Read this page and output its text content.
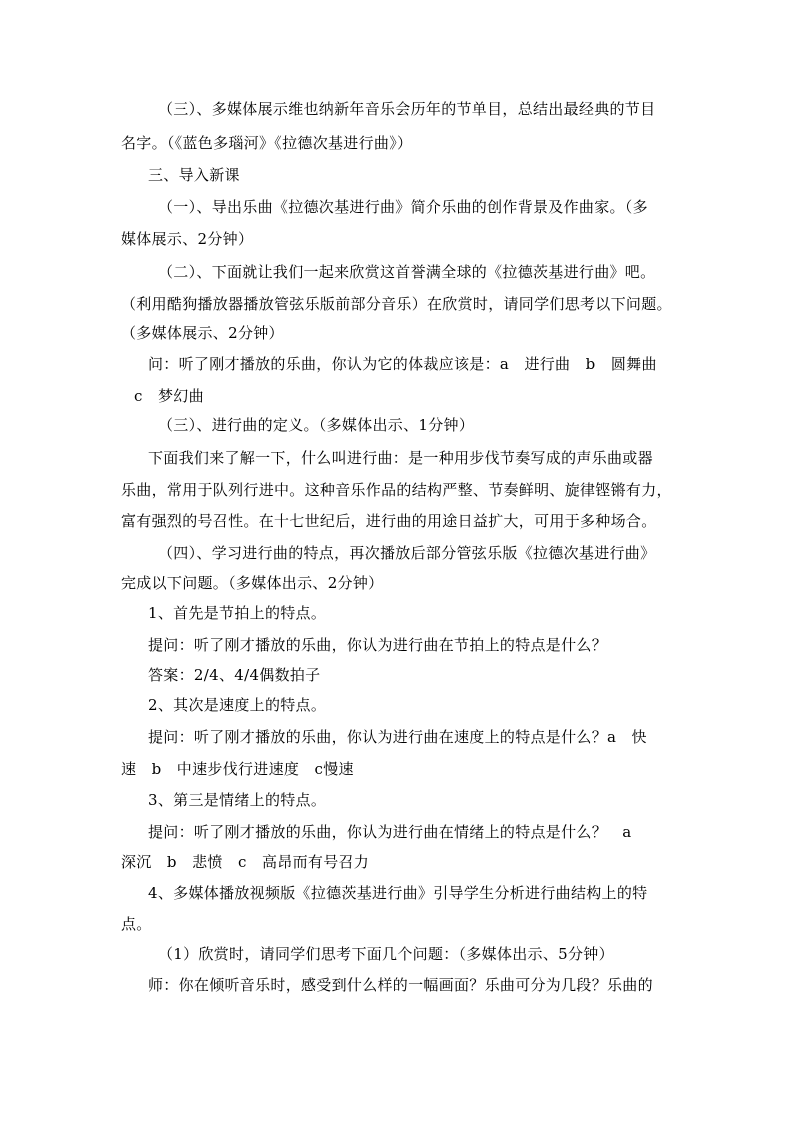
（三）、多媒体展示维也纳新年音乐会历年的节单目，总结出最经典的节目
名字。（《蓝色多瑙河》《拉德次基进行曲》）
三、导入新课
（一）、导出乐曲《拉德次基进行曲》简介乐曲的创作背景及作曲家。（多
媒体展示、2分钟）
（二）、下面就让我们一起来欣赏这首誉满全球的《拉德茨基进行曲》吧。
（利用酷狗播放器播放管弦乐版前部分音乐）在欣赏时，请同学们思考以下问题。
（多媒体展示、2分钟）
问：听了刚才播放的乐曲，你认为它的体裁应该是：a　进行曲　b　圆舞曲
c　梦幻曲
（三）、进行曲的定义。（多媒体出示、1分钟）
下面我们来了解一下，什么叫进行曲：是一种用步伐节奏写成的声乐曲或器
乐曲，常用于队列行进中。这种音乐作品的结构严整、节奏鲜明、旋律铿锵有力，
富有强烈的号召性。在十七世纪后，进行曲的用途日益扩大，可用于多种场合。
（四）、学习进行曲的特点，再次播放后部分管弦乐版《拉德次基进行曲》
完成以下问题。（多媒体出示、2分钟）
1、首先是节拍上的特点。
提问：听了刚才播放的乐曲，你认为进行曲在节拍上的特点是什么？
答案：2/4、4/4偶数拍子
2、其次是速度上的特点。
提问：听了刚才播放的乐曲，你认为进行曲在速度上的特点是什么？a　快
速　b　中速步伐行进速度　c慢速
3、第三是情绪上的特点。
提问：听了刚才播放的乐曲，你认为进行曲在情绪上的特点是什么？　a
深沉　b　悲愤　c　高昂而有号召力
4、多媒体播放视频版《拉德茨基进行曲》引导学生分析进行曲结构上的特
点。
（1）欣赏时，请同学们思考下面几个问题：（多媒体出示、5分钟）
师：你在倾听音乐时，感受到什么样的一幅画面？乐曲可分为几段？乐曲的
